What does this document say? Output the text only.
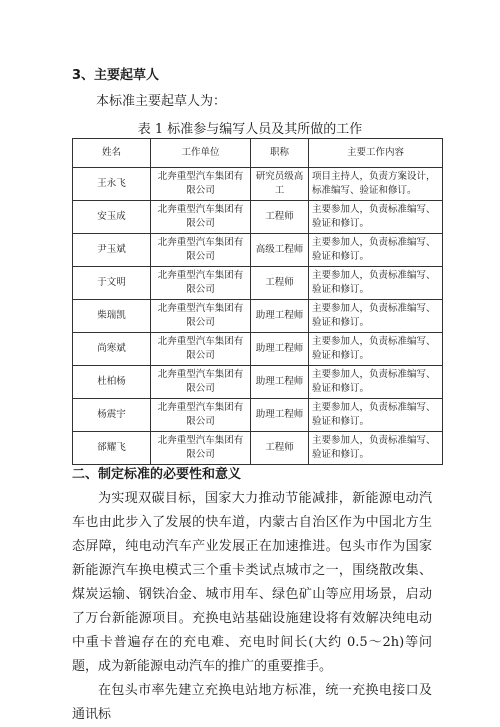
3、主要起草人
本标准主要起草人为：
表 1 标准参与编写人员及其所做的工作
姓名	工作单位	职称	主要工作内容
王永飞	北奔重型汽车集团有限公司	研究员级高工	项目主持人，负责方案设计，标准编写、验证和修订。
安玉成	北奔重型汽车集团有限公司	工程师	主要参加人，负责标准编写、验证和修订。
尹玉斌	北奔重型汽车集团有限公司	高级工程师	主要参加人，负责标准编写、验证和修订。
于文明	北奔重型汽车集团有限公司	工程师	主要参加人，负责标准编写、验证和修订。
柴瑞凯	北奔重型汽车集团有限公司	助理工程师	主要参加人，负责标准编写、验证和修订。
尚寒斌	北奔重型汽车集团有限公司	助理工程师	主要参加人，负责标准编写、验证和修订。
杜柏杨	北奔重型汽车集团有限公司	助理工程师	主要参加人，负责标准编写、验证和修订。
杨震宇	北奔重型汽车集团有限公司	助理工程师	主要参加人，负责标准编写、验证和修订。
郤耀飞	北奔重型汽车集团有限公司	工程师	主要参加人，负责标准编写、验证和修订。
二、制定标准的必要性和意义
为实现双碳目标，国家大力推动节能减排，新能源电动汽车也由此步入了发展的快车道，内蒙古自治区作为中国北方生态屏障，纯电动汽车产业发展正在加速推进。包头市作为国家新能源汽车换电模式三个重卡类试点城市之一，围绕散改集、煤炭运输、钢铁冶金、城市用车、绿色矿山等应用场景，启动了万台新能源项目。充换电站基础设施建设将有效解决纯电动中重卡普遍存在的充电难、充电时间长(大约 0.5～2h)等问题，成为新能源电动汽车的推广的重要推手。
在包头市率先建立充换电站地方标准，统一充换电接口及通讯标
